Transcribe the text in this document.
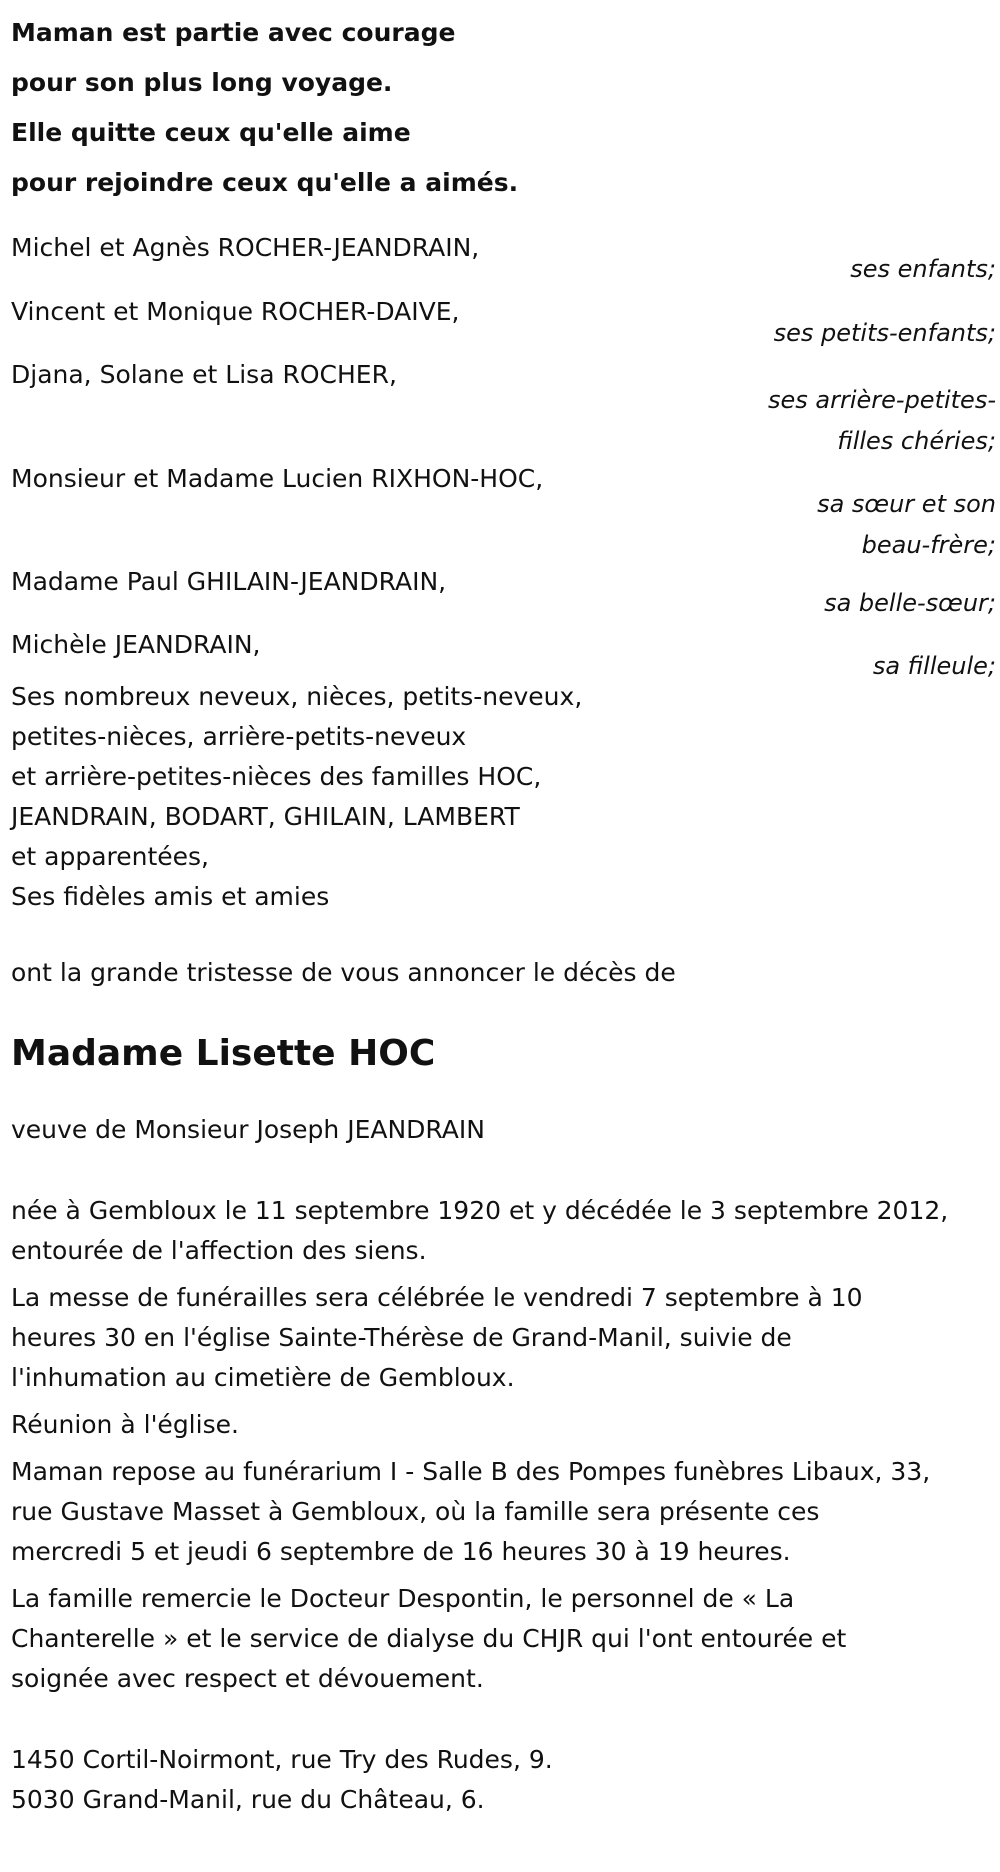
Maman est partie avec courage
pour son plus long voyage.
Elle quitte ceux qu'elle aime
pour rejoindre ceux qu'elle a aimés.
Michel et Agnès ROCHER-JEANDRAIN,
ses enfants;
Vincent et Monique ROCHER-DAIVE,
ses petits-enfants;
Djana, Solane et Lisa ROCHER,
ses arrière-petites-
filles chéries;
Monsieur et Madame Lucien RIXHON-HOC,
sa sœur et son
beau-frère;
Madame Paul GHILAIN-JEANDRAIN,
sa belle-sœur;
Michèle JEANDRAIN,
sa filleule;
Ses nombreux neveux, nièces, petits-neveux,
petites-nièces, arrière-petits-neveux
et arrière-petites-nièces des familles HOC,
JEANDRAIN, BODART, GHILAIN, LAMBERT
et apparentées,
Ses fidèles amis et amies
ont la grande tristesse de vous annoncer le décès de
Madame Lisette HOC
veuve de Monsieur Joseph JEANDRAIN
née à Gembloux le 11 septembre 1920 et y décédée le 3 septembre 2012,
entourée de l'affection des siens.
La messe de funérailles sera célébrée le vendredi 7 septembre à 10
heures 30 en l'église Sainte-Thérèse de Grand-Manil, suivie de
l'inhumation au cimetière de Gembloux.
Réunion à l'église.
Maman repose au funérarium I - Salle B des Pompes funèbres Libaux, 33,
rue Gustave Masset à Gembloux, où la famille sera présente ces
mercredi 5 et jeudi 6 septembre de 16 heures 30 à 19 heures.
La famille remercie le Docteur Despontin, le personnel de « La
Chanterelle » et le service de dialyse du CHJR qui l'ont entourée et
soignée avec respect et dévouement.
1450 Cortil-Noirmont, rue Try des Rudes, 9.
5030 Grand-Manil, rue du Château, 6.
